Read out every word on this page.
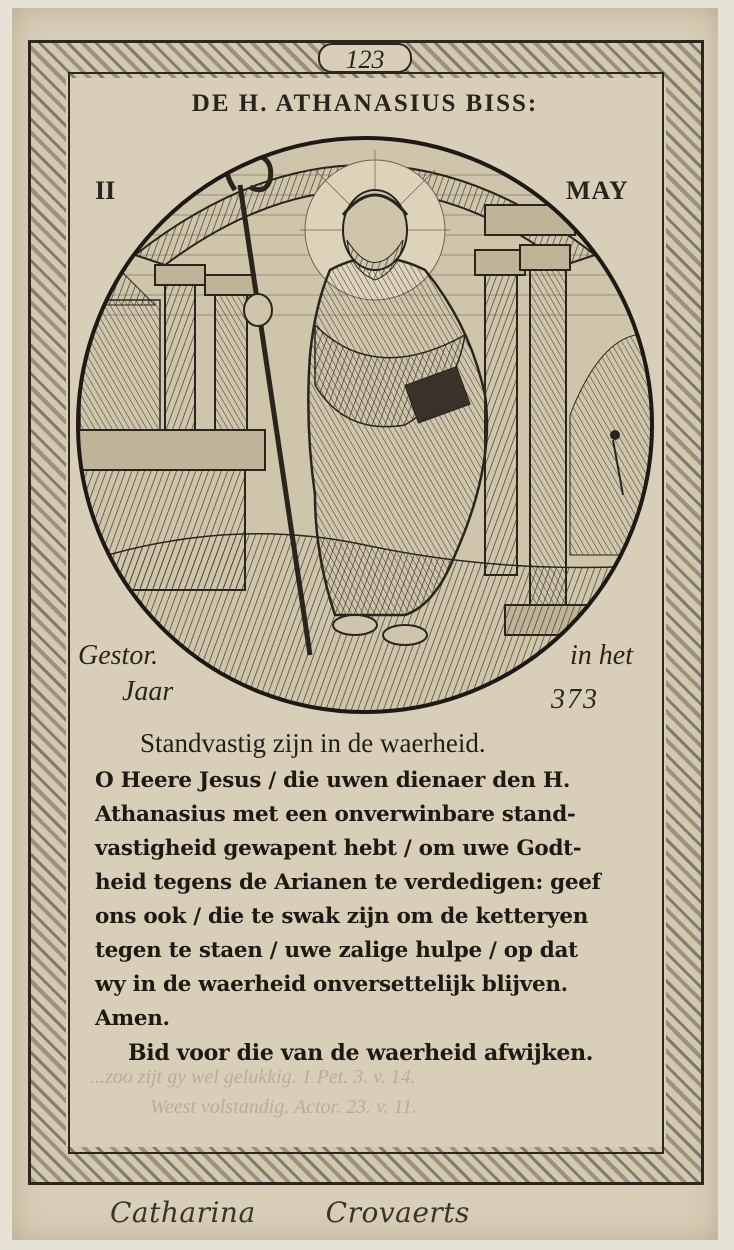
123
DE H. ATHANASIUS BISS:
II	MAY
Gestor.	in het
Jaar	373
Standvastig zijn in de waerheid.
O Heere Jesus / die uwen dienaer den H.
Athanasius met een onverwinbare stand-
vastigheid gewapent hebt / om uwe Godt-
heid tegens de Arianen te verdedigen: geef
ons ook / die te swak zijn om de ketteryen
tegen te staen / uwe zalige hulpe / op dat
wy in de waerheid onversettelijk blijven.
Amen.
Bid voor die van de waerheid afwijken.
...zoo zijt gy wel gelukkig. 1 Pet. 3. v. 14.
Weest volstandig. Actor. 23. v. 11.
Catharina	Crovaerts
